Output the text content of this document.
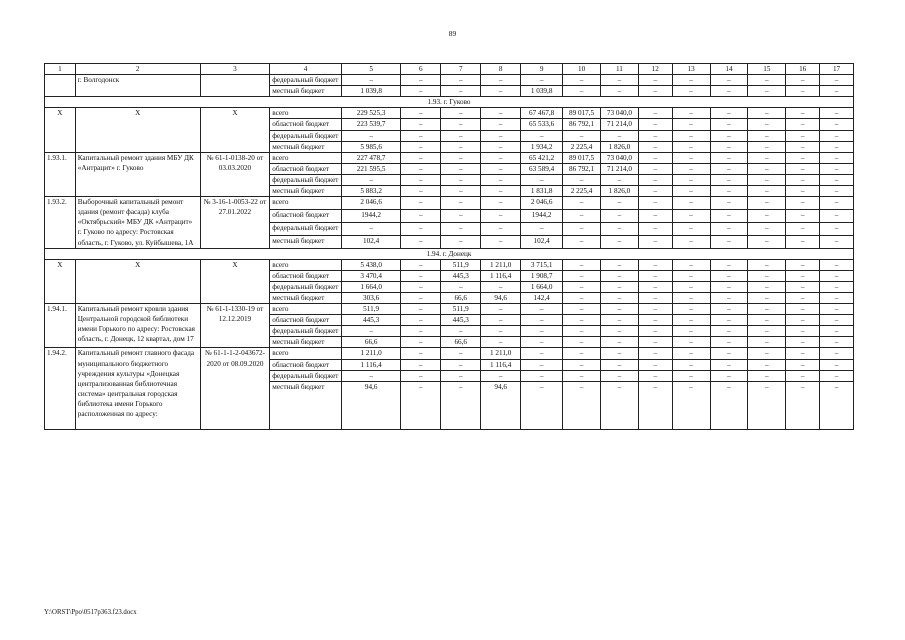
89
1	2	3	4	5	6	7	8	9	10	11	12	13	14	15	16	17
	г. Волгодонск		федеральный бюджет	–	–	–	–	–	–	–	–	–	–	–	–	–
			местный бюджет	1 039,8	–	–	–	1 039,8	–	–	–	–	–	–	–	–
1.93. г. Гуково																
Х	Х	Х	всего	229 525,3	–	–	–	67 467,8	89 017,5	73 040,0	–	–	–	–	–	–
			областной бюджет	223 539,7	–	–	–	65 533,6	86 792,1	71 214,0	–	–	–	–	–	–
			федеральный бюджет	–	–	–	–	–	–	–	–	–	–	–	–	–
			местный бюджет	5 985,6	–	–	–	1 934,2	2 225,4	1 826,0	–	–	–	–	–	–
1.93.1.	Капитальный ремонт здания МБУ ДК «Антрацит» г. Гуково	№ 61-1-0138-20 от 03.03.2020	всего	227 478,7	–	–	–	65 421,2	89 017,5	73 040,0	–	–	–	–	–	–
			областной бюджет	221 595,5	–	–	–	63 589,4	86 792,1	71 214,0	–	–	–	–	–	–
			федеральный бюджет	–	–	–	–	–	–	–	–	–	–	–	–	–
			местный бюджет	5 883,2	–	–	–	1 831,8	2 225,4	1 826,0	–	–	–	–	–	–
1.93.2.	Выборочный капитальный ремонт здания (ремонт фасада) клуба «Октябрьский» МБУ ДК «Антрацит» г. Гуково по адресу: Ростовская область, г. Гуково, ул. Куйбышева, 1А	№ 3-16-1-0053-22 от 27.01.2022	всего	2 046,6	–	–	–	2 046,6	–	–	–	–	–	–	–	–
			областной бюджет	1944,2	–	–	–	1944,2	–	–	–	–	–	–	–	–
			федеральный бюджет	–	–	–	–	–	–	–	–	–	–	–	–	–
			местный бюджет	102,4	–	–	–	102,4	–	–	–	–	–	–	–	–
1.94. г. Донецк																
Х	Х	Х	всего	5 438,0	–	511,9	1 211,0	3 715,1	–	–	–	–	–	–	–	–
			областной бюджет	3 470,4	–	445,3	1 116,4	1 908,7	–	–	–	–	–	–	–	–
			федеральный бюджет	1 664,0	–	–	–	1 664,0	–	–	–	–	–	–	–	–
			местный бюджет	303,6	–	66,6	94,6	142,4	–	–	–	–	–	–	–	–
1.94.1.	Капитальный ремонт кровли здания Центральной городской библиотеки имени Горького по адресу: Ростовская область, г. Донецк, 12 квартал, дом 17	№ 61-1-1330-19 от 12.12.2019	всего	511,9	–	511,9	–	–	–	–	–	–	–	–	–	–
			областной бюджет	445,3	–	445,3	–	–	–	–	–	–	–	–	–	–
			федеральный бюджет	–	–	–	–	–	–	–	–	–	–	–	–	–
			местный бюджет	66,6	–	66,6	–	–	–	–	–	–	–	–	–	–
1.94.2.	Капитальный ремонт главного фасада муниципального бюджетного учреждения культуры «Донецкая централизованная библиотечная система» центральная городская библиотека имени Горького расположенная по адресу:	№ 61-1-1-2-043672-2020 от 08.09.2020	всего	1 211,0	–	–	1 211,0	–	–	–	–	–	–	–	–	–
			областной бюджет	1 116,4	–	–	1 116,4	–	–	–	–	–	–	–	–	–
			федеральный бюджет	–	–	–	–	–	–	–	–	–	–	–	–	–
			местный бюджет	94,6	–	–	94,6	–	–	–	–	–	–	–	–	–
Y:\ORST\Ppo\0517p363.f23.docx
